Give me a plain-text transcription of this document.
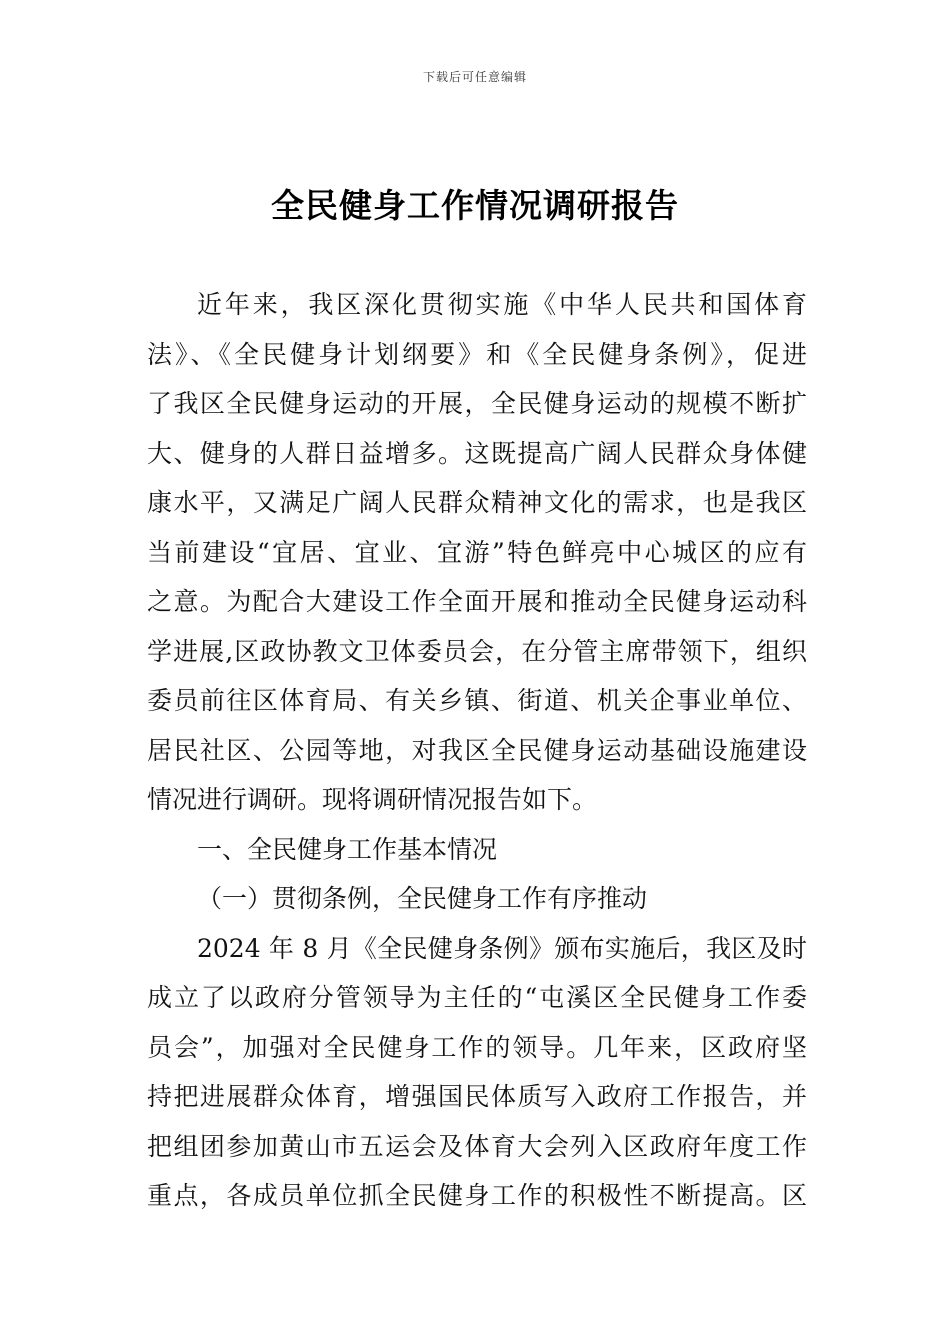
下载后可任意编辑
全民健身工作情况调研报告
近年来，我区深化贯彻实施《中华人民共和国体育
法》、《全民健身计划纲要》和《全民健身条例》，促进
了我区全民健身运动的开展，全民健身运动的规模不断扩
大、健身的人群日益增多。这既提高广阔人民群众身体健
康水平，又满足广阔人民群众精神文化的需求，也是我区
当前建设“宜居、宜业、宜游”特色鲜亮中心城区的应有
之意。为配合大建设工作全面开展和推动全民健身运动科
学进展,区政协教文卫体委员会，在分管主席带领下，组织
委员前往区体育局、有关乡镇、街道、机关企事业单位、
居民社区、公园等地，对我区全民健身运动基础设施建设
情况进行调研。现将调研情况报告如下。
一、全民健身工作基本情况
（一）贯彻条例，全民健身工作有序推动
2024 年 8 月《全民健身条例》颁布实施后，我区及时
成立了以政府分管领导为主任的“屯溪区全民健身工作委
员会”，加强对全民健身工作的领导。几年来，区政府坚
持把进展群众体育，增强国民体质写入政府工作报告，并
把组团参加黄山市五运会及体育大会列入区政府年度工作
重点，各成员单位抓全民健身工作的积极性不断提高。区
